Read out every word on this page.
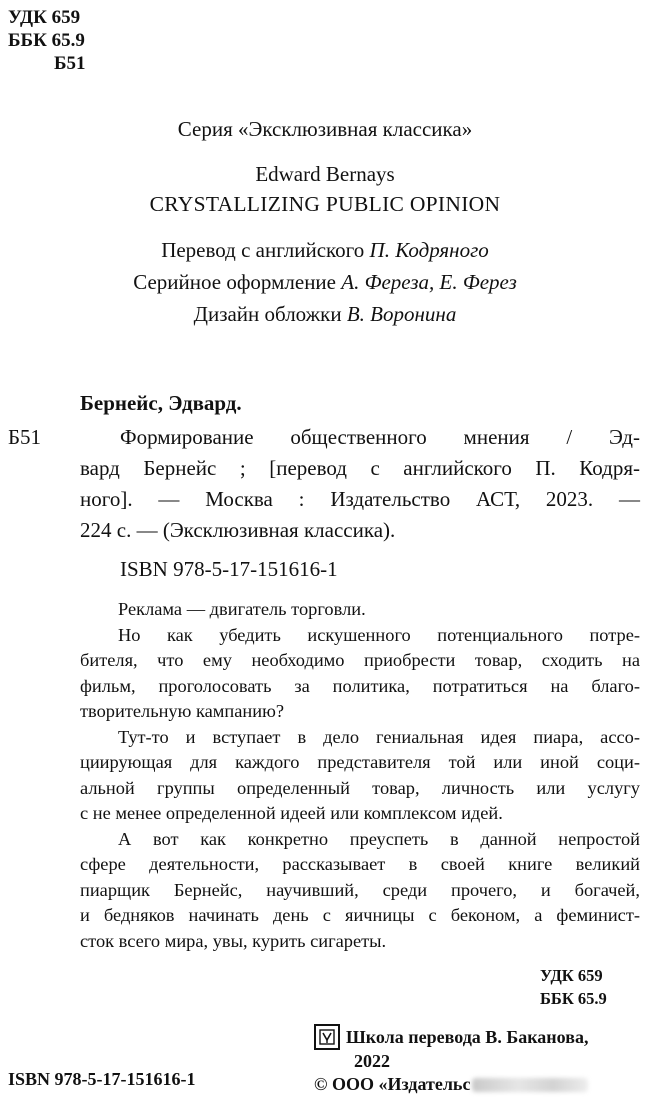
УДК 659
ББК 65.9
Б51
Серия «Эксклюзивная классика»
Edward Bernays
CRYSTALLIZING PUBLIC OPINION
Перевод с английского П. Кодряного
Серийное оформление А. Фереза, Е. Ферез
Дизайн обложки В. Воронина
Бернейс, Эдвард.
Б51	Формирование общественного мнения / Эд-
вард Бернейс ; [перевод с английского П. Кодря-
ного]. — Москва : Издательство АСТ, 2023. —
224 с. — (Эксклюзивная классика).
ISBN 978-5-17-151616-1
Реклама — двигатель торговли.
Но как убедить искушенного потенциального потре-
бителя, что ему необходимо приобрести товар, сходить на
фильм, проголосовать за политика, потратиться на благо-
творительную кампанию?
Тут-то и вступает в дело гениальная идея пиара, ассо-
циирующая для каждого представителя той или иной соци-
альной группы определенный товар, личность или услугу
с не менее определенной идеей или комплексом идей.
А вот как конкретно преуспеть в данной непростой
сфере деятельности, рассказывает в своей книге великий
пиарщик Бернейс, научивший, среди прочего, и богачей,
и бедняков начинать день с яичницы с беконом, а феминист-
сток всего мира, увы, курить сигареты.
УДК 659
ББК 65.9
ISBN 978-5-17-151616-1
Школа перевода В. Баканова,
2022
© ООО «Издательс
